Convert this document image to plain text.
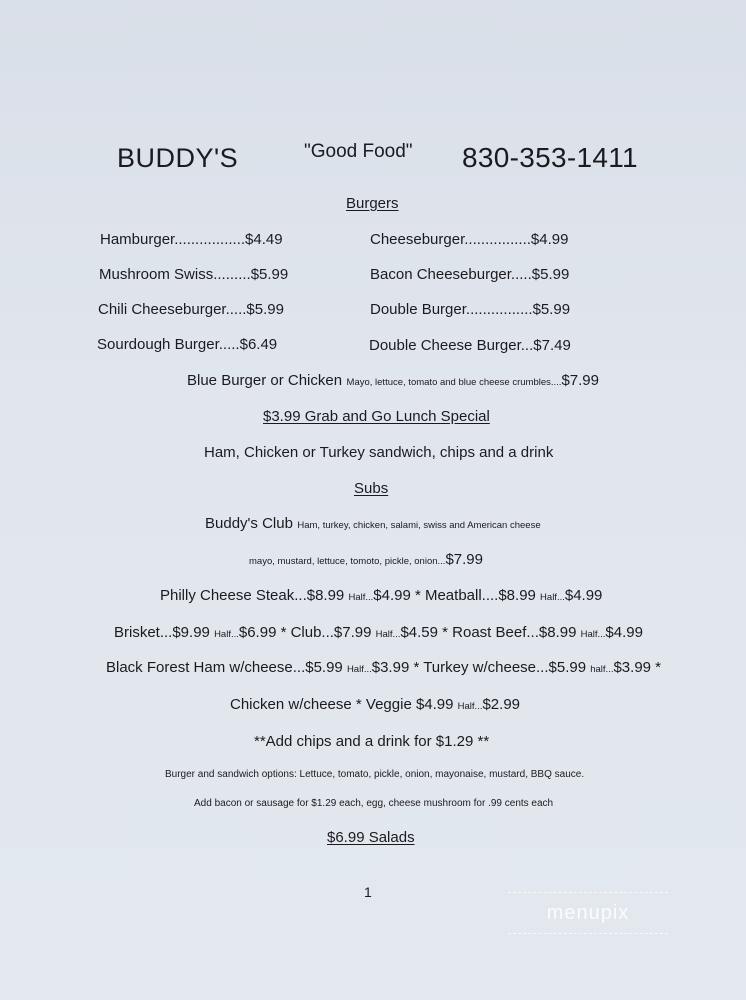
BUDDY'S	"Good Food" 830-353-1411
Burgers
Hamburger.................$4.49
Mushroom Swiss.........$5.99
Chili Cheeseburger.....$5.99
Sourdough Burger.....$6.49
Cheeseburger................$4.99
Bacon Cheeseburger.....$5.99
Double Burger................$5.99
Double Cheese Burger...$7.49
Blue Burger or Chicken Mayo, lettuce, tomato and blue cheese crumbles....$7.99
$3.99 Grab and Go Lunch Special
Ham, Chicken or Turkey sandwich, chips and a drink
Subs
Buddy's Club Ham, turkey, chicken, salami, swiss and American cheese
mayo, mustard, lettuce, tomoto, pickle, onion...$7.99
Philly Cheese Steak...$8.99 Half...$4.99 * Meatball....$8.99 Half...$4.99
Brisket...$9.99 Half...$6.99 * Club...$7.99 Half...$4.59 * Roast Beef...$8.99 Half...$4.99
Black Forest Ham w/cheese...$5.99 Half...$3.99 * Turkey w/cheese...$5.99 half...$3.99 *
Chicken w/cheese * Veggie $4.99 Half...$2.99
**Add chips and a drink for $1.29 **
Burger and sandwich options: Lettuce, tomato, pickle, onion, mayonaise, mustard, BBQ sauce.
Add bacon or sausage for $1.29 each, egg, cheese mushroom for .99 cents each
$6.99 Salads
1
menupix
